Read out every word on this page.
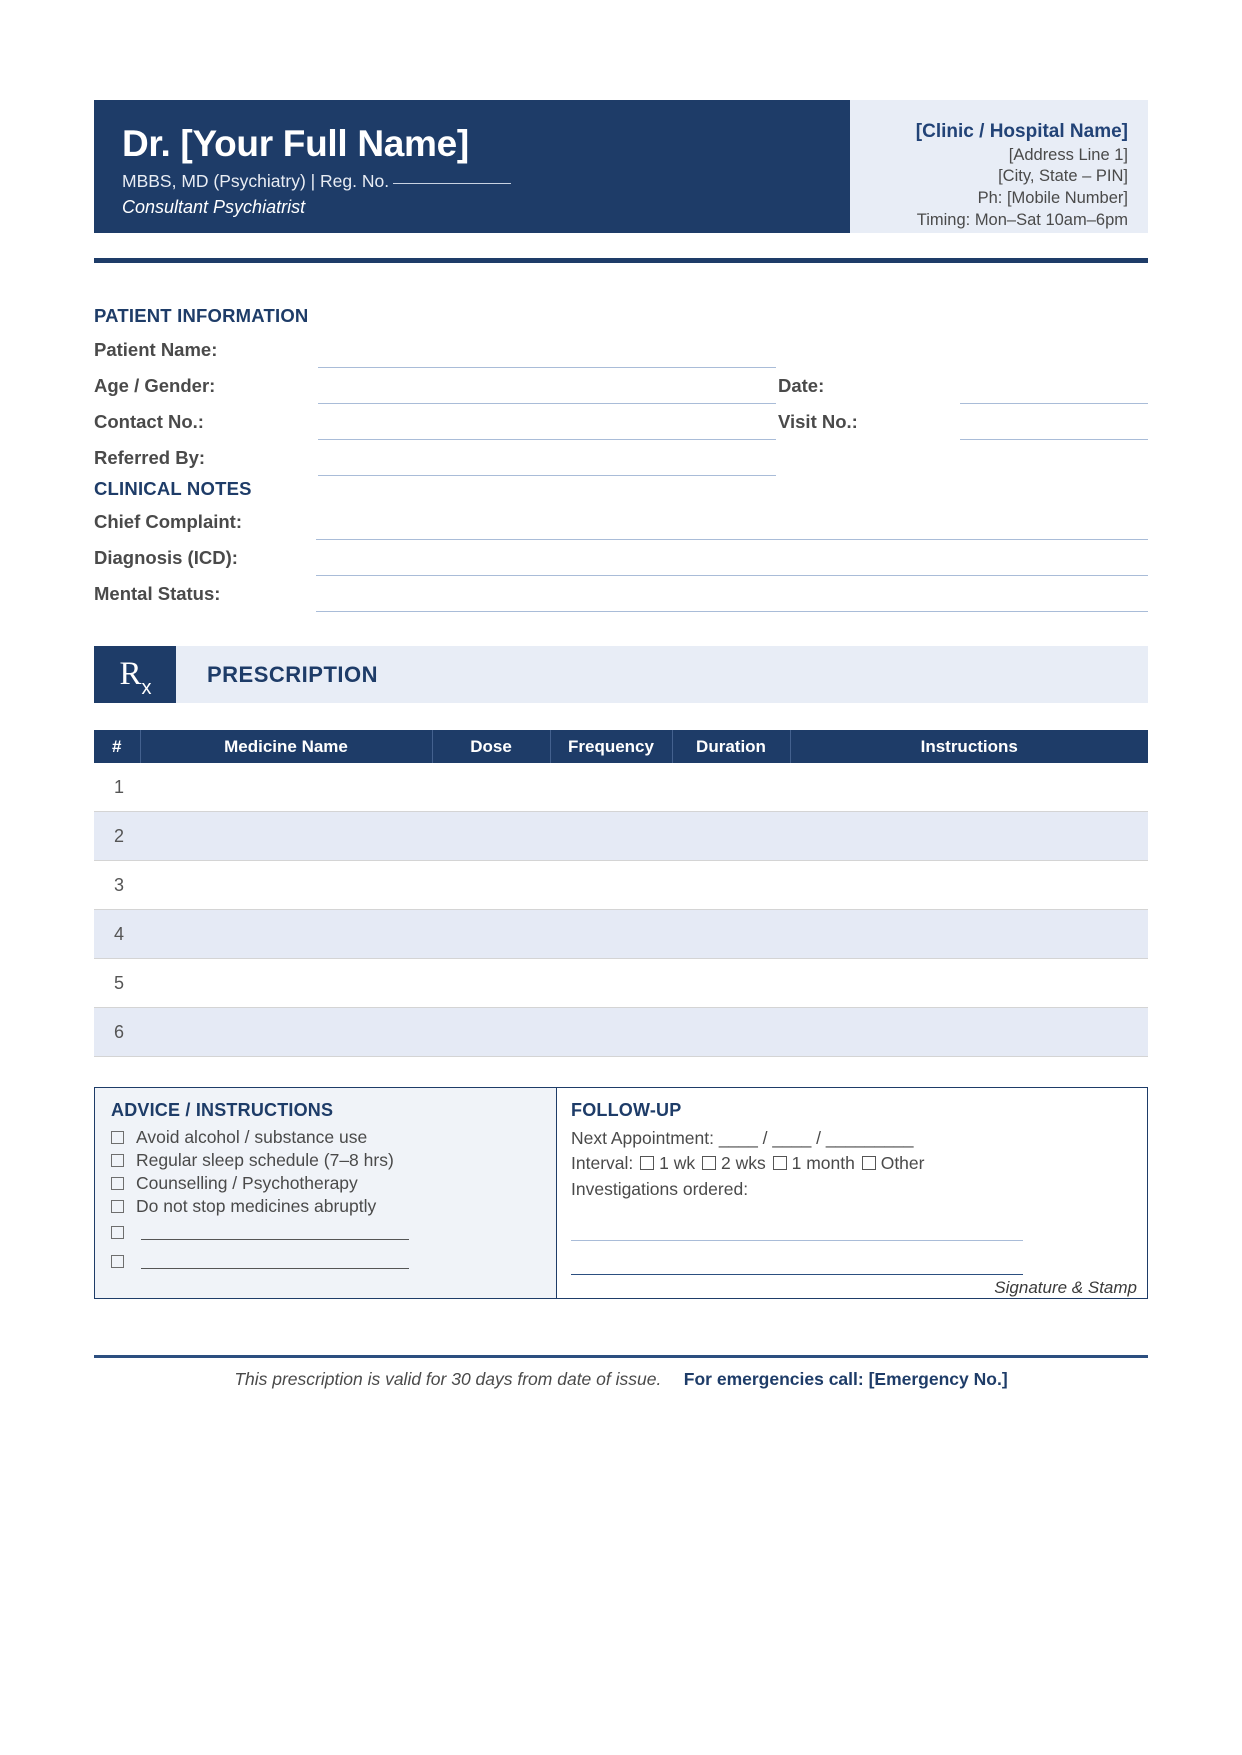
Dr. [Your Full Name]
MBBS, MD (Psychiatry) | Reg. No.
Consultant Psychiatrist
[Clinic / Hospital Name]
[Address Line 1]
[City, State – PIN]
Ph: [Mobile Number]
Timing: Mon–Sat 10am–6pm
PATIENT INFORMATION
Patient Name:
Age / Gender:
Contact No.:
Referred By:
Date:
Visit No.:
CLINICAL NOTES
Chief Complaint:
Diagnosis (ICD):
Mental Status:
R x
PRESCRIPTION
#	Medicine Name	Dose	Frequency	Duration	Instructions
1					
2					
3					
4					
5					
6					
ADVICE / INSTRUCTIONS
Avoid alcohol / substance use
Regular sleep schedule (7–8 hrs)
Counselling / Psychotherapy
Do not stop medicines abruptly
FOLLOW-UP
Next Appointment: ____ / ____ / _________
Interval: 1 wk 2 wks 1 month Other
Investigations ordered:
Signature & Stamp
This prescription is valid for 30 days from date of issue. For emergencies call: [Emergency No.]
